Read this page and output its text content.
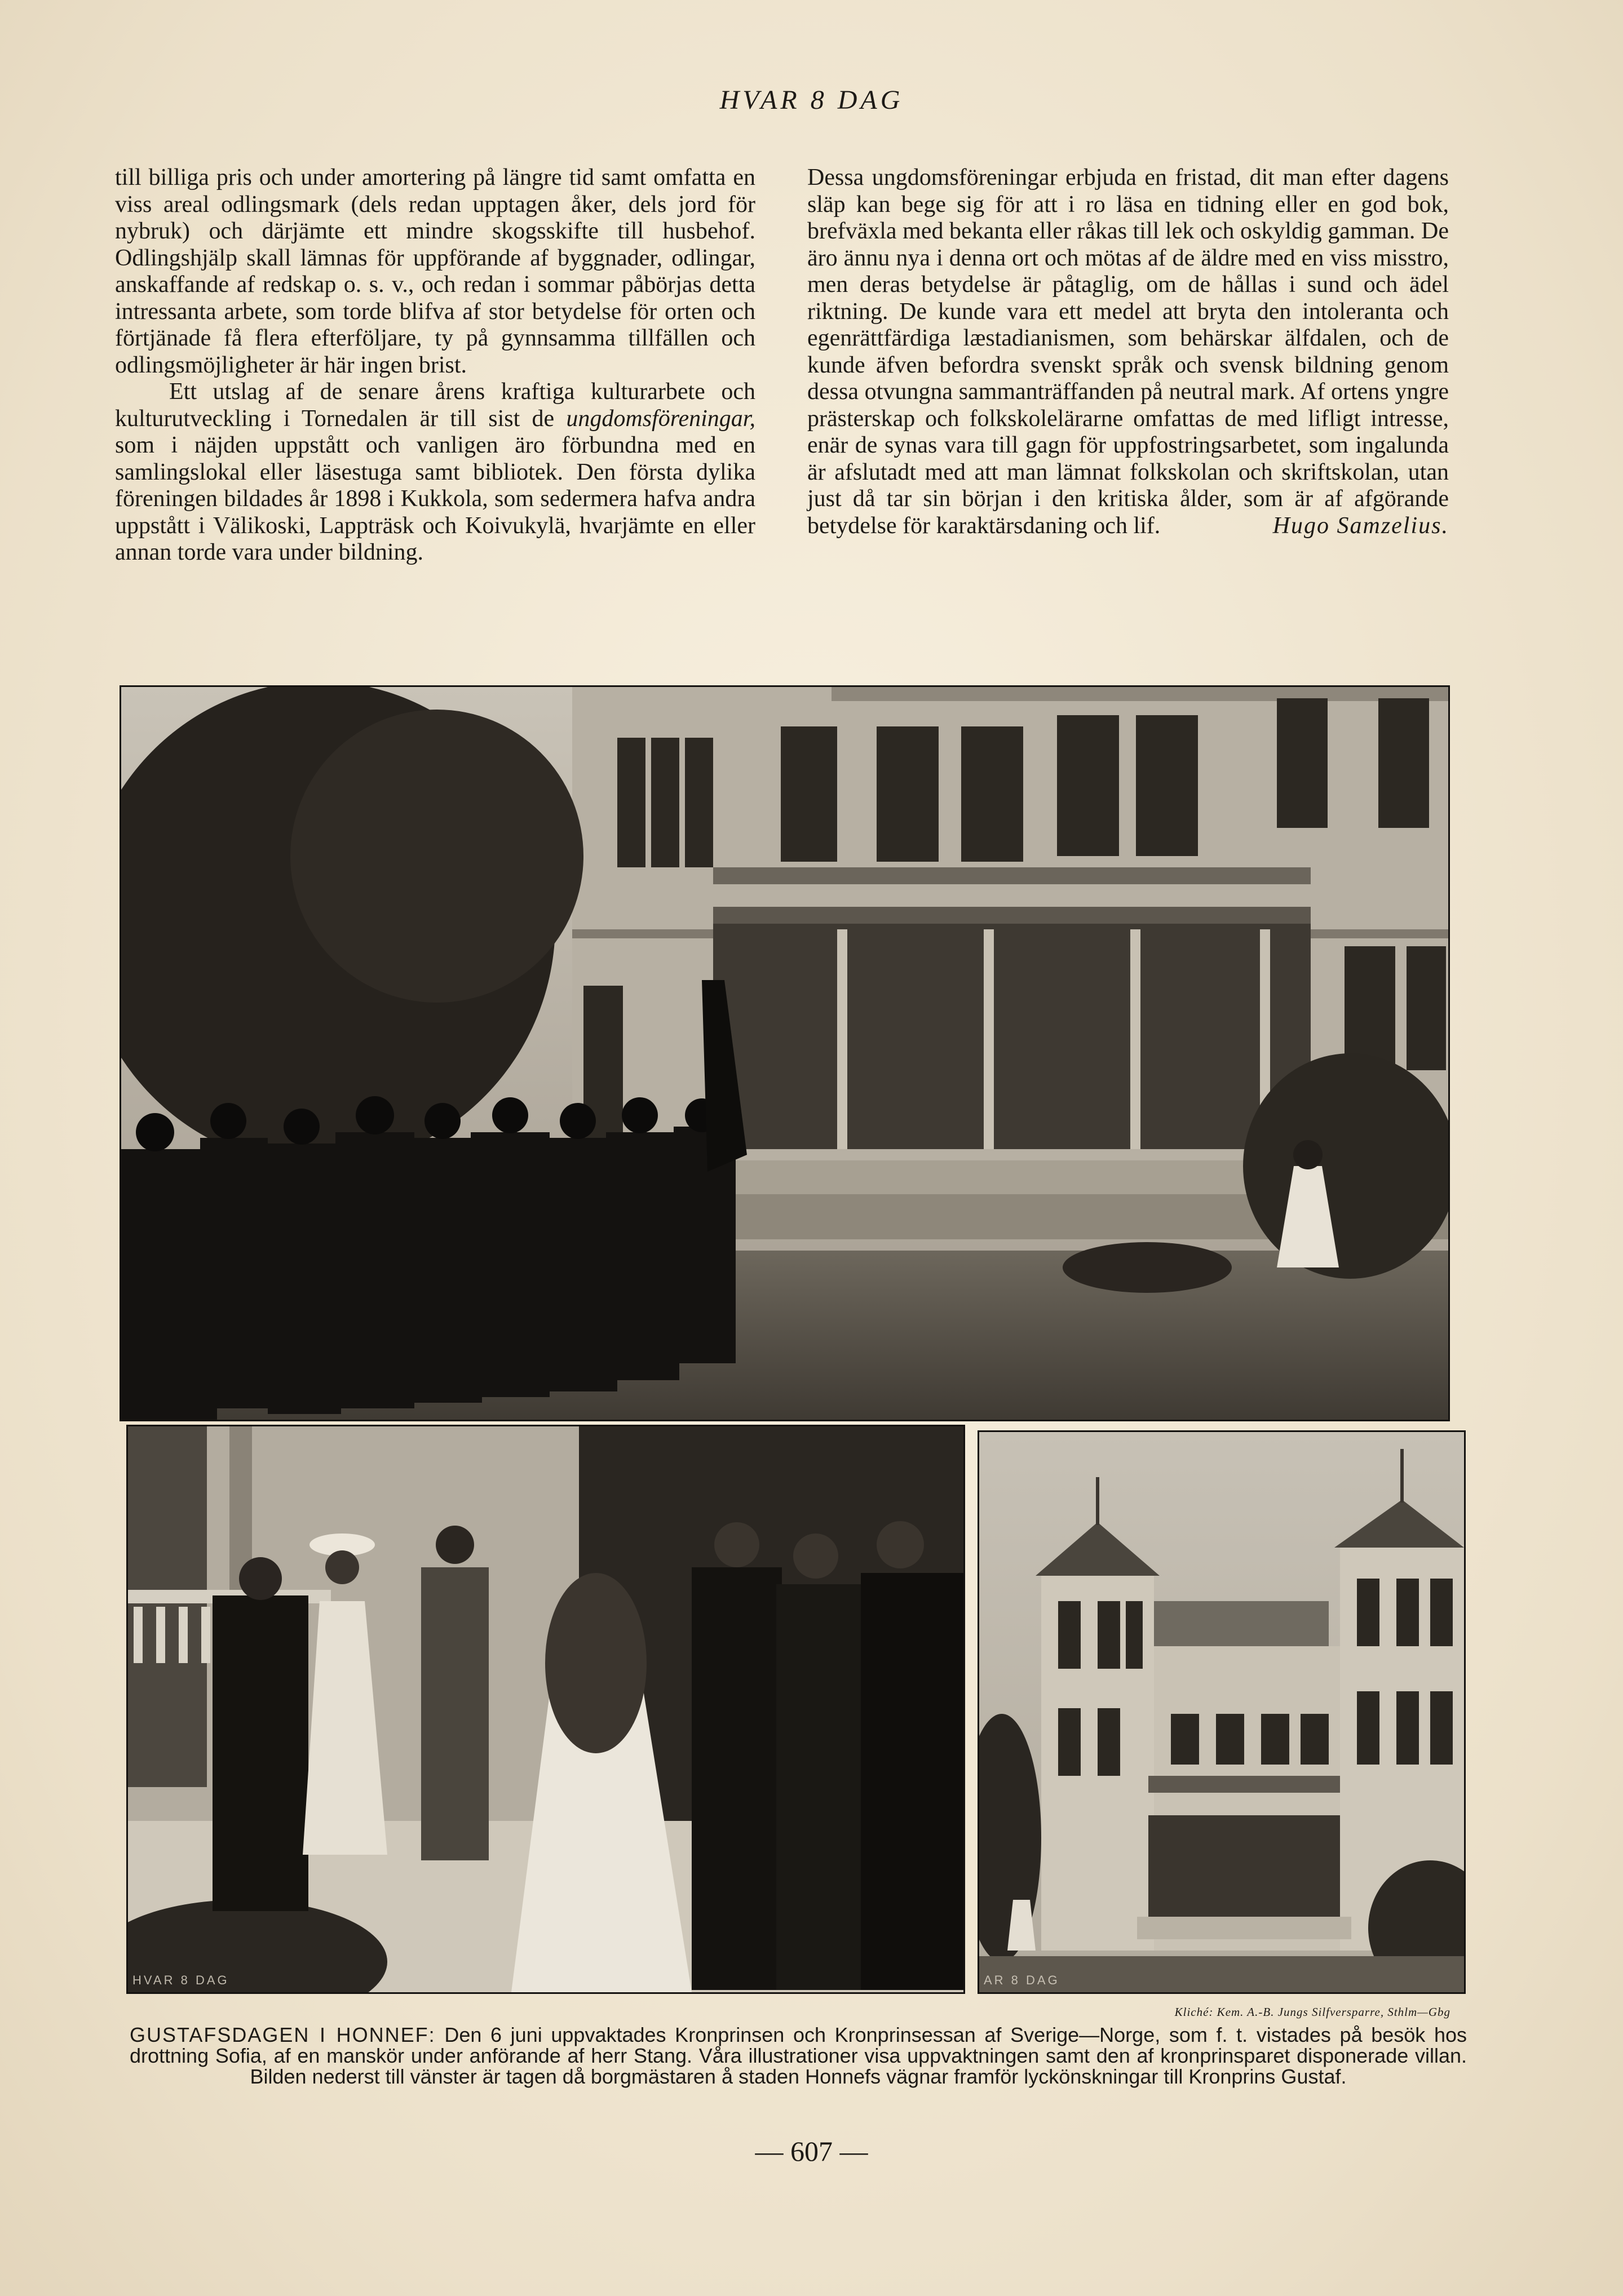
HVAR 8 DAG

till billiga pris och under amortering på längre tid samt omfatta en viss areal odlingsmark (dels redan upptagen åker, dels jord för nybruk) och därjämte ett mindre skogsskifte till husbehof. Odlingshjälp skall lämnas för uppförande af byggnader, odlingar, anskaffande af redskap o. s. v., och redan i sommar påbörjas detta intressanta arbete, som torde blifva af stor betydelse för orten och förtjänade få flera efterföljare, ty på gynnsamma tillfällen och odlingsmöjligheter är här ingen brist.

Ett utslag af de senare årens kraftiga kulturarbete och kulturutveckling i Tornedalen är till sist de ungdomsföreningar, som i näjden uppstått och vanligen äro förbundna med en samlingslokal eller läsestuga samt bibliotek. Den första dylika föreningen bildades år 1898 i Kukkola, som sedermera hafva andra uppstått i Välikoski, Lappträsk och Koivukylä, hvarjämte en eller annan torde vara under bildning.

Dessa ungdomsföreningar erbjuda en fristad, dit man efter dagens släp kan bege sig för att i ro läsa en tidning eller en god bok, brefväxla med bekanta eller råkas till lek och oskyldig gamman. De äro ännu nya i denna ort och mötas af de äldre med en viss misstro, men deras betydelse är påtaglig, om de hållas i sund och ädel riktning. De kunde vara ett medel att bryta den intoleranta och egenrättfärdiga læstadianismen, som behärskar älfdalen, och de kunde äfven befordra svenskt språk och svensk bildning genom dessa otvungna sammanträffanden på neutral mark. Af ortens yngre prästerskap och folkskolelärarne omfattas de med lifligt intresse, enär de synas vara till gagn för uppfostringsarbetet, som ingalunda är afslutadt med att man lämnat folkskolan och skriftskolan, utan just då tar sin början i den kritiska ålder, som är af afgörande betydelse för karaktärsdaning och lif.	Hugo Samzelius.
HVAR 8 DAG	AR 8 DAG
Kliché: Kem. A.-B. Jungs Silfversparre, Sthlm—Gbg
GUSTAFSDAGEN I HONNEF: Den 6 juni uppvaktades Kronprinsen och Kronprinsessan af Sverige—Norge, som f. t. vistades på besök hos drottning Sofia, af en manskör under anförande af herr Stang. Våra illustrationer visa uppvaktningen samt den af kronprinsparet disponerade villan. Bilden nederst till vänster är tagen då borgmästaren å staden Honnefs vägnar framför lyckönskningar till Kronprins Gustaf.
— 607 —
